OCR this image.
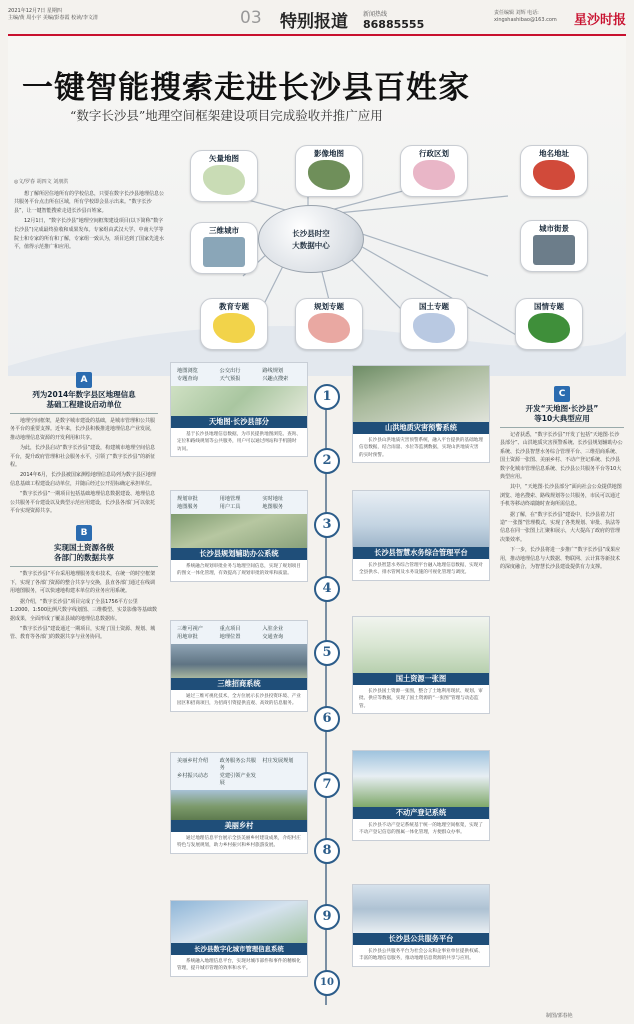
2021年12月7日 星期四
主编/黄 周小宇 美编/彭春霞 校读/李文清	03 特别报道	新闻热线
86885555
责任编辑 刘辉 电话:
xingshashibao@163.com	星沙时报
一键智能搜索走进长沙县百姓家
“数字长沙县”地理空间框架建设项目完成验收并推广应用
矢量地图
影像地图	行政区划	地名地址
三维城市	城市街景
教育专题	规划专题	国土专题	国情专题
长沙县时空
大数据中心
◎文/罗春 胡四文 刘朋洪

想了解所居住地所有的学校信息，只要在数字长沙县地理信息公共服务平台点击所在区域，所有学校即会显示出来。“数字长沙县”，让一键智能搜索走进长沙县百姓家。

12月1日，“数字长沙县”地理空间框架建设项目(以下简称“数字长沙县”)完成最终验收和成果发布。专家组由武汉大学、中南大学等院士和专家的所有和了解，专家组一致认为，项目达到了国家先进水平，值得示范推广和应用。

A
列为2014年数字县区地理信息
基础工程建设启动单位

地理空间框架，是数字城市建设的基础，是城市管理和公共服务平台的重要支撑。近年来，长沙县积极推进地理信息产业发展，推动地理信息资源的开发利用和共享。

为此，长沙县启动“数字长沙县”建设，构建城市地理空间信息平台，提升政府管理和社会服务水平，引领了“数字长沙县”的新征程。

2014年6月，长沙县被国家测绘地理信息局列为数字县区地理信息基础工程建设启动单位，并随后经过公开招标确定承担单位。

“数字长沙县”一期项目包括基础地理信息数据建设、地理信息公共服务平台建设以及典型示范应用建设，长沙县各部门可以依托平台实现资源共享。

B
实现国土资源各级
各部门的数据共享

“数字长沙县”平台采用地理服务发布技术，在统一的时空框架下，实现了各部门资源的整合共享与交换，县直各部门通过在线调用地图服务，可以快速地构建本单位的业务应用系统。

据介绍，“数字长沙县”项目完成了全县1756平方公里1:2000、1:500比例尺数字线划图、三维模型、实景影像等基础数据成果，全面形成了覆盖县域的地理信息数据库。

“数字长沙县”建设通过一期项目，实现了国土资源、规划、城管、教育等各部门的数据共享与业务协同。

C
开发“天地图·长沙县”
等10大典型应用

记者获悉，“数字长沙县”开发了包括“天地图·长沙县部分”、山洪地质灾害预警系统、长沙县规划辅助办公系统、长沙县智慧水务综合管理平台、三维招商系统、国土资源一张图、美丽乡村、不动产登记系统、长沙县数字化城市管理信息系统、长沙县公共服务平台等10大典型应用。

其中，“天地图·长沙县部分”面向社会公众提供地图浏览、地名搜索、路线规划等公共服务，市民可以通过手机等移动终端随时查询所需信息。

据了解，在“数字长沙县”建设中，长沙县着力打造“一张图”管理模式，实现了各类规划、审批、执法等信息在同一张图上汇聚和展示，大大提高了政府的管理决策效率。

下一步，长沙县将进一步推广“数字长沙县”成果应用，推动地理信息与大数据、物联网、云计算等新技术的深度融合，为智慧长沙县建设提供有力支撑。

1
2
3
4
5
6
7
8
9
10
地图浏览	公交出行	路线规划
专题查询	天气预报	兴趣点搜索
天地图·长沙县部分
基于长沙县地理信息数据，为市民提供地图浏览、查询、定位和路线规划等公共服务，用户可以通过网站和手机随时访问。
规划审批	用地管理	实时地址
地图服务	用户工具	地图服务
长沙县规划辅助办公系统
系统融合规划审批业务与地理空间信息，实现了规划项目的图文一体化管理，有效提高了规划审批的效率和质量。
三维可视产	重点项目	入驻企业
用地审批	地理位置	交通查询
三维招商系统
通过三维可视化技术，全方位展示长沙县投资环境、产业园区和招商项目，为招商引资提供直观、高效的信息服务。
美丽乡村介绍	政务服务公共服务
村庄发展规划
乡村振兴动态	党建引领产业发展
美丽乡村
通过地理信息平台展示全县美丽乡村建设成果，介绍村庄特色与发展规划，助力乡村振兴和乡村旅游发展。
长沙县数字化城市管理信息系统
系统融入地理信息平台，实现对城市部件和事件的精细化管理，提升城市管理的效率和水平。
山洪地质灾害预警系统
长沙县山洪地质灾害预警系统，融入平台提供的基础地理信息数据，结合雨量、水位等监测数据，实现山洪地质灾害的实时预警。
长沙县智慧水务综合管理平台
长沙县智慧水务综合管理平台融入地理信息数据，实现对全县供水、排水管网及水务设施的可视化管理与调度。
国土资源一张图
长沙县国土资源一张图，整合了土地利用现状、规划、审批、供应等数据，实现了国土资源的“一张图”管理与动态监管。
不动产登记系统
长沙县不动产登记系统基于统一的地理空间框架，实现了不动产登记信息的图属一体化管理，方便群众办事。
长沙县公共服务平台
长沙县公共服务平台为社会公众和企事业单位提供权威、丰富的地理信息服务，推动地理信息资源的共享与应用。
制图/郭春艳
